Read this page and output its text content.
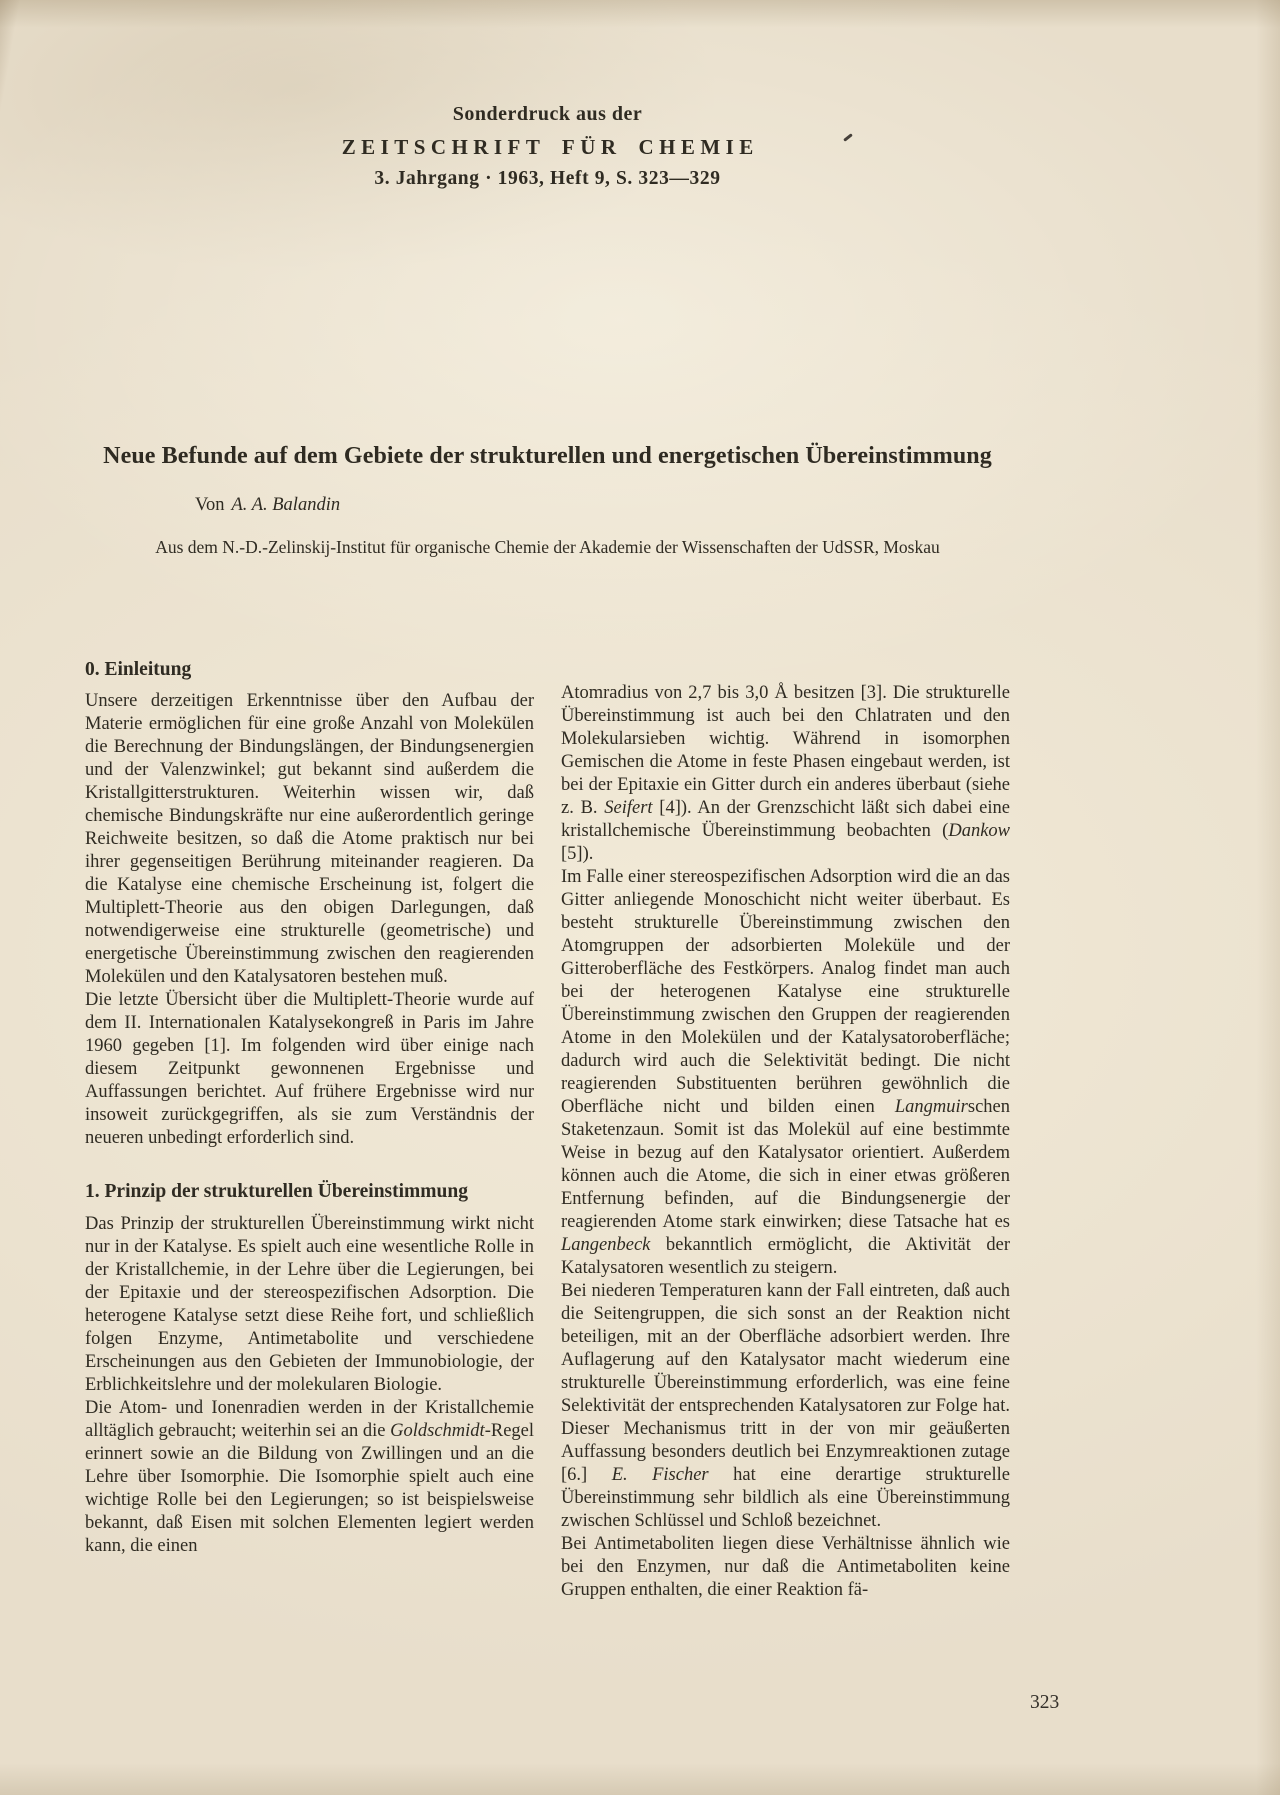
Sonderdruck aus der
ZEITSCHRIFT FÜR CHEMIE
3. Jahrgang · 1963, Heft 9, S. 323—329
Neue Befunde auf dem Gebiete der strukturellen und energetischen Übereinstimmung
Von A. A. Balandin
Aus dem N.-D.-Zelinskij-Institut für organische Chemie der Akademie der Wissenschaften der UdSSR, Moskau
0. Einleitung

Unsere derzeitigen Erkenntnisse über den Aufbau der Materie ermöglichen für eine große Anzahl von Molekülen die Berechnung der Bindungslängen, der Bindungsenergien und der Valenzwinkel; gut bekannt sind außerdem die Kristallgitterstrukturen. Weiterhin wissen wir, daß chemische Bindungskräfte nur eine außerordentlich geringe Reichweite besitzen, so daß die Atome praktisch nur bei ihrer gegenseitigen Berührung miteinander reagieren. Da die Katalyse eine chemische Erscheinung ist, folgert die Multiplett-Theorie aus den obigen Darlegungen, daß notwendigerweise eine strukturelle (geometrische) und energetische Übereinstimmung zwischen den reagierenden Molekülen und den Katalysatoren bestehen muß.

Die letzte Übersicht über die Multiplett-Theorie wurde auf dem II. Internationalen Katalysekongreß in Paris im Jahre 1960 gegeben [1]. Im folgenden wird über einige nach diesem Zeitpunkt gewonnenen Ergebnisse und Auffassungen berichtet. Auf frühere Ergebnisse wird nur insoweit zurückgegriffen, als sie zum Verständnis der neueren unbedingt erforderlich sind.

1. Prinzip der strukturellen Übereinstimmung

Das Prinzip der strukturellen Übereinstimmung wirkt nicht nur in der Katalyse. Es spielt auch eine wesentliche Rolle in der Kristallchemie, in der Lehre über die Legierungen, bei der Epitaxie und der stereospezifischen Adsorption. Die heterogene Katalyse setzt diese Reihe fort, und schließlich folgen Enzyme, Antimetabolite und verschiedene Erscheinungen aus den Gebieten der Immunobiologie, der Erblichkeitslehre und der molekularen Biologie.

Die Atom- und Ionenradien werden in der Kristallchemie alltäglich gebraucht; weiterhin sei an die Goldschmidt-Regel erinnert sowie an die Bildung von Zwillingen und an die Lehre über Isomorphie. Die Isomorphie spielt auch eine wichtige Rolle bei den Legierungen; so ist beispielsweise bekannt, daß Eisen mit solchen Elementen legiert werden kann, die einen

Atomradius von 2,7 bis 3,0 Å besitzen [3]. Die strukturelle Übereinstimmung ist auch bei den Chlatraten und den Molekularsieben wichtig. Während in isomorphen Gemischen die Atome in feste Phasen eingebaut werden, ist bei der Epitaxie ein Gitter durch ein anderes überbaut (siehe z. B. Seifert [4]). An der Grenzschicht läßt sich dabei eine kristallchemische Übereinstimmung beobachten (Dankow [5]).

Im Falle einer stereospezifischen Adsorption wird die an das Gitter anliegende Monoschicht nicht weiter überbaut. Es besteht strukturelle Übereinstimmung zwischen den Atomgruppen der adsorbierten Moleküle und der Gitteroberfläche des Festkörpers. Analog findet man auch bei der heterogenen Katalyse eine strukturelle Übereinstimmung zwischen den Gruppen der reagierenden Atome in den Molekülen und der Katalysatoroberfläche; dadurch wird auch die Selektivität bedingt. Die nicht reagierenden Substituenten berühren gewöhnlich die Oberfläche nicht und bilden einen Langmuirschen Staketenzaun. Somit ist das Molekül auf eine bestimmte Weise in bezug auf den Katalysator orientiert. Außerdem können auch die Atome, die sich in einer etwas größeren Entfernung befinden, auf die Bindungsenergie der reagierenden Atome stark einwirken; diese Tatsache hat es Langenbeck bekanntlich ermöglicht, die Aktivität der Katalysatoren wesentlich zu steigern.

Bei niederen Temperaturen kann der Fall eintreten, daß auch die Seitengruppen, die sich sonst an der Reaktion nicht beteiligen, mit an der Oberfläche adsorbiert werden. Ihre Auflagerung auf den Katalysator macht wiederum eine strukturelle Übereinstimmung erforderlich, was eine feine Selektivität der entsprechenden Katalysatoren zur Folge hat. Dieser Mechanismus tritt in der von mir geäußerten Auffassung besonders deutlich bei Enzymreaktionen zutage [6.] E. Fischer hat eine derartige strukturelle Übereinstimmung sehr bildlich als eine Übereinstimmung zwischen Schlüssel und Schloß bezeichnet.

Bei Antimetaboliten liegen diese Verhältnisse ähnlich wie bei den Enzymen, nur daß die Antimetaboliten keine Gruppen enthalten, die einer Reaktion fä-

323
